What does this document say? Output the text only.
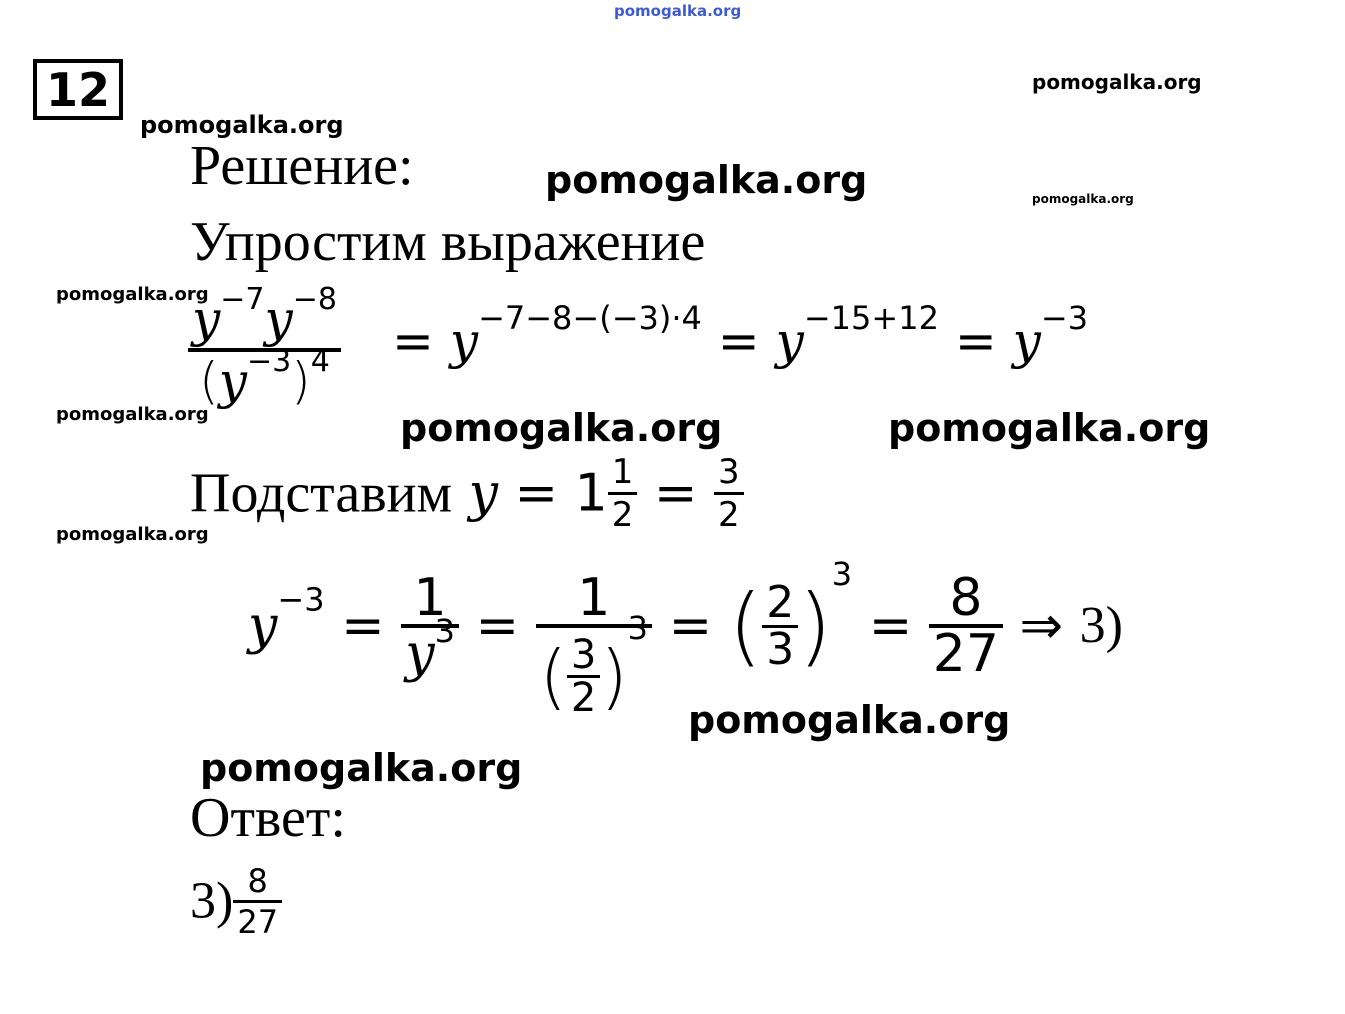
pomogalka.org
pomogalka.org
pomogalka.org
pomogalka.org	pomogalka.org
pomogalka.org
pomogalka.org	pomogalka.org	pomogalka.org
pomogalka.org
pomogalka.org
pomogalka.org
12
Решение:
Упростим выражение
$\frac{y^{-7}y^{-8}}{(y^{-3})^4} = y^{-7-8-(-3)\cdot 4} = y^{-15+12} = y^{-3}$
Подставим $y = 1 \frac{1}{2} = \frac{3}{2}$
$y^{-3} = \frac{1}{y^3} = \frac{1}{( \frac{3}{2} )^3}$ = ( $\frac{2}{3} )^3 = \frac{8}{27}$ ⇒ 3)
Ответ:
$3) \frac{8}{27}$
